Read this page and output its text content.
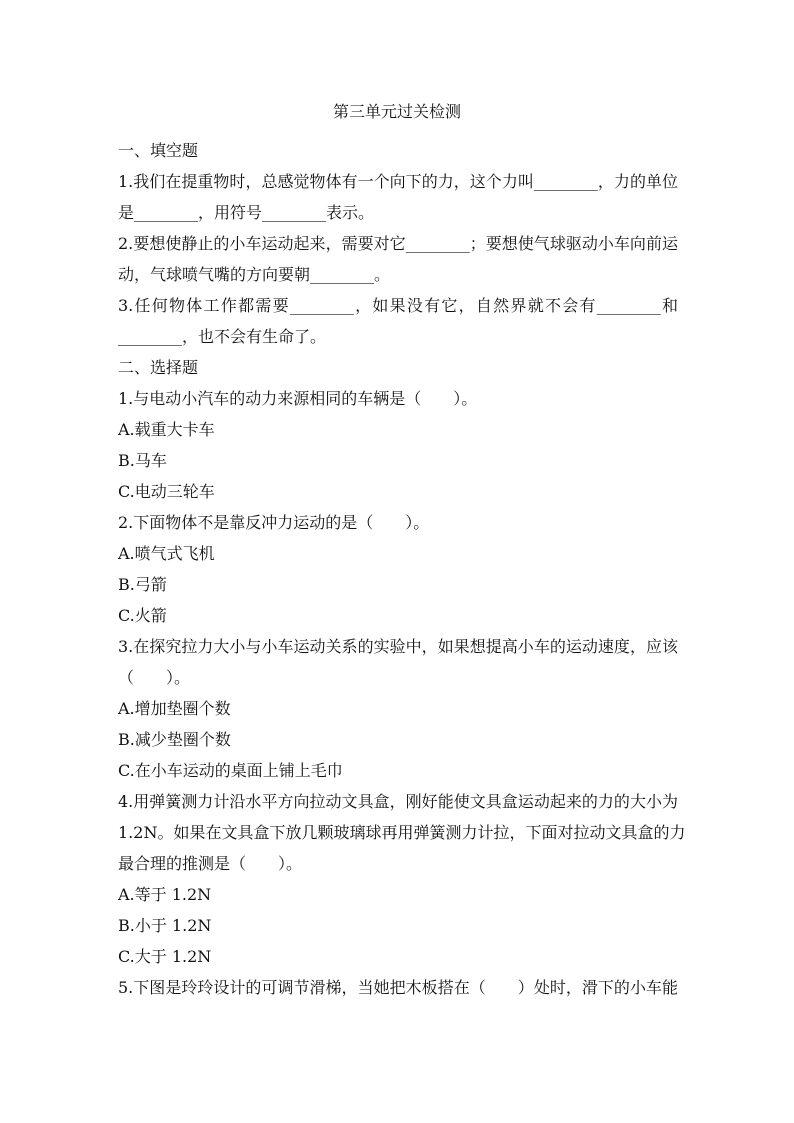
第三单元过关检测
一、填空题
1.我们在提重物时，总感觉物体有一个向下的力，这个力叫________，力的单位
是________，用符号________表示。
2.要想使静止的小车运动起来，需要对它________；要想使气球驱动小车向前运
动，气球喷气嘴的方向要朝________。
3.任何物体工作都需要________，如果没有它，自然界就不会有________和
________，也不会有生命了。
二、选择题
1.与电动小汽车的动力来源相同的车辆是（　　）。
A.载重大卡车
B.马车
C.电动三轮车
2.下面物体不是靠反冲力运动的是（　　）。
A.喷气式飞机
B.弓箭
C.火箭
3.在探究拉力大小与小车运动关系的实验中，如果想提高小车的运动速度，应该
（　　）。
A.增加垫圈个数
B.减少垫圈个数
C.在小车运动的桌面上铺上毛巾
4.用弹簧测力计沿水平方向拉动文具盒，刚好能使文具盒运动起来的力的大小为
1.2N。如果在文具盒下放几颗玻璃球再用弹簧测力计拉，下面对拉动文具盒的力
最合理的推测是（　　）。
A.等于 1.2N
B.小于 1.2N
C.大于 1.2N
5.下图是玲玲设计的可调节滑梯，当她把木板搭在（　　）处时，滑下的小车能
